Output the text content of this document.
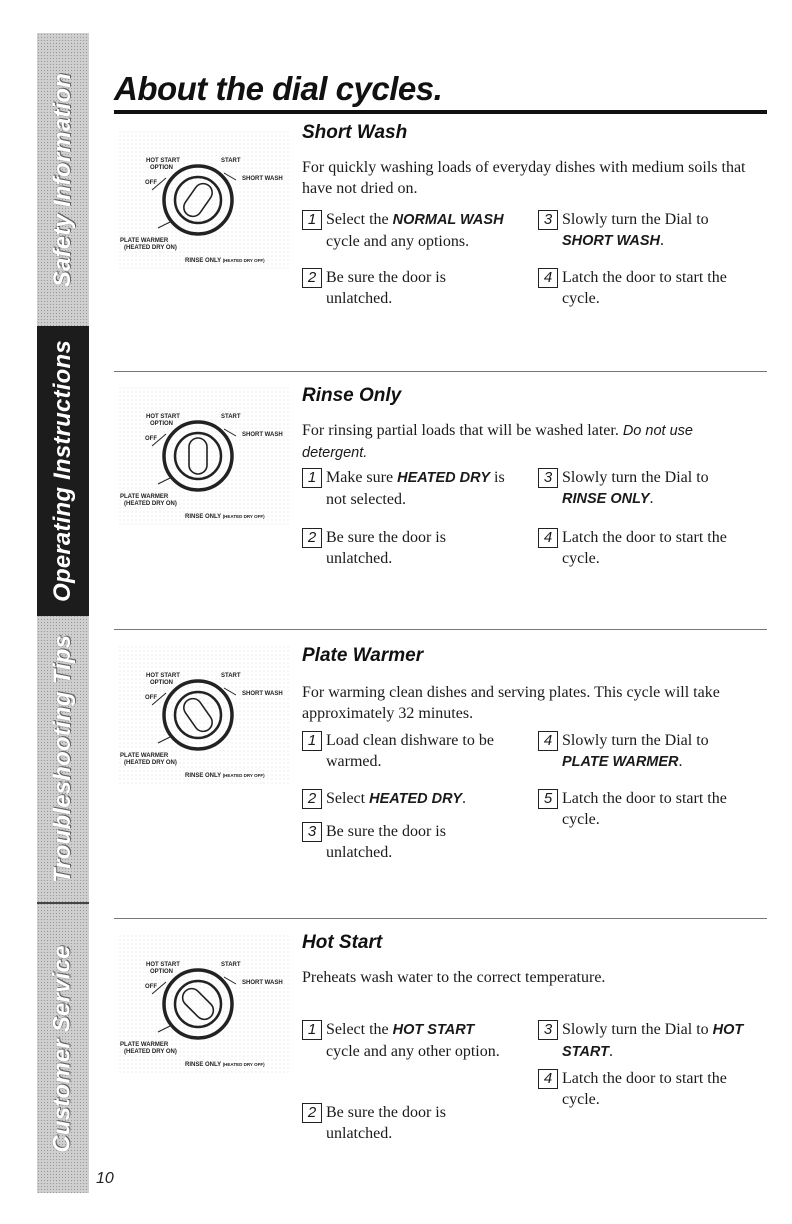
Safety Information
Operating Instructions
Troubleshooting Tips
Customer Service
About the dial cycles.
HOT START
OPTION
START
SHORT WASH
OFF
PLATE WARMER
(HEATED DRY ON)
RINSE ONLY (HEATED DRY OFF)
HOT START
OPTION
START
SHORT WASH
OFF
PLATE WARMER
(HEATED DRY ON)
RINSE ONLY (HEATED DRY OFF)
HOT START
OPTION
START
SHORT WASH
OFF
PLATE WARMER
(HEATED DRY ON)
RINSE ONLY (HEATED DRY OFF)
HOT START
OPTION
START
SHORT WASH
OFF
PLATE WARMER
(HEATED DRY ON)
RINSE ONLY (HEATED DRY OFF)
Short Wash

For quickly washing loads of everyday dishes with medium soils that have not dried on.

1 Select the NORMAL WASH cycle and any options.
2 Be sure the door is unlatched.
3 Slowly turn the Dial to SHORT WASH.
4 Latch the door to start the cycle.
Rinse Only

For rinsing partial loads that will be washed later. Do not use detergent.

1 Make sure HEATED DRY is not selected.
2 Be sure the door is unlatched.
3 Slowly turn the Dial to RINSE ONLY.
4 Latch the door to start the cycle.
Plate Warmer

For warming clean dishes and serving plates. This cycle will take approximately 32 minutes.

1 Load clean dishware to be warmed.
2 Select HEATED DRY.
3 Be sure the door is unlatched.
4 Slowly turn the Dial to PLATE WARMER.
5 Latch the door to start the cycle.
Hot Start

Preheats wash water to the correct temperature.

1 Select the HOT START cycle and any other option.
2 Be sure the door is unlatched.
3 Slowly turn the Dial to HOT START.
4 Latch the door to start the cycle.
10
